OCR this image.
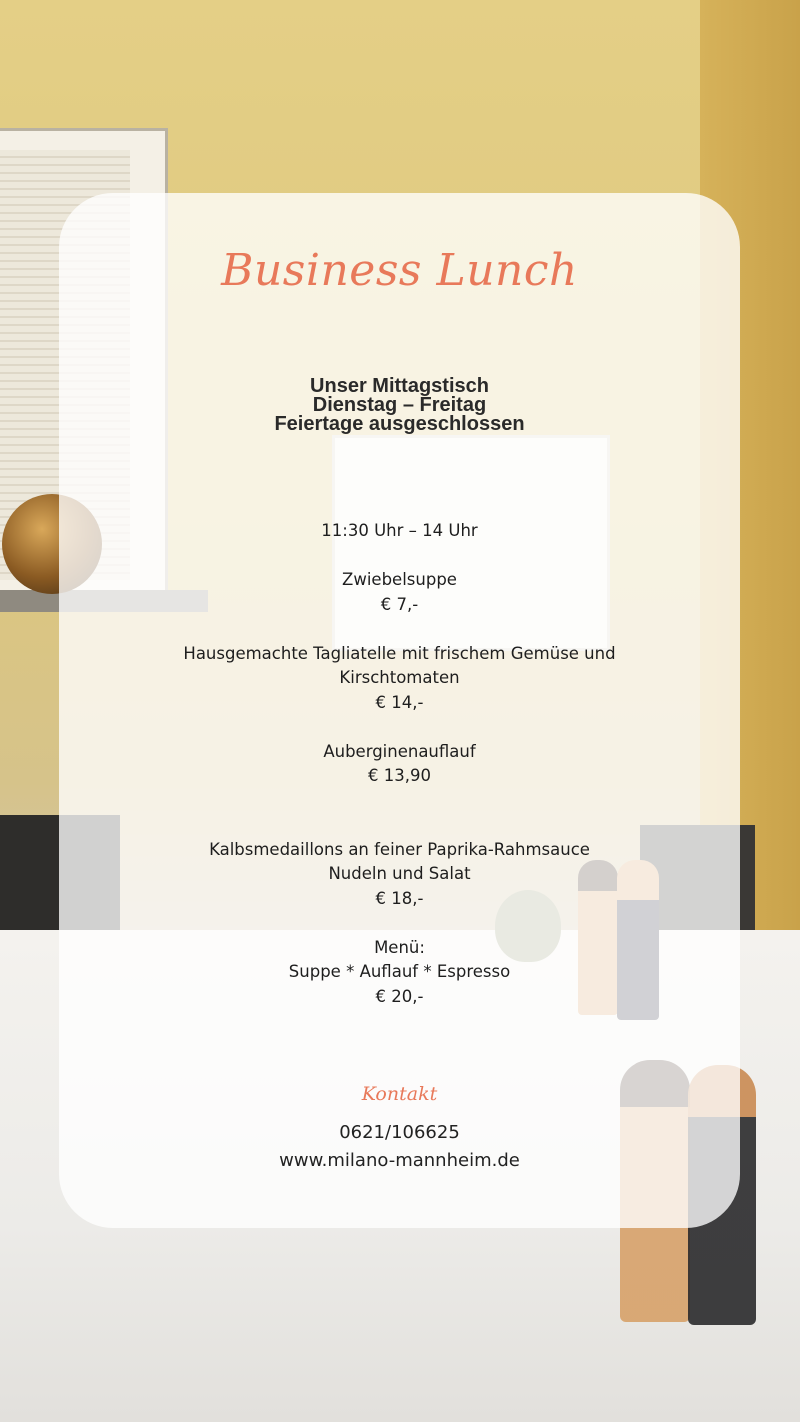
Business Lunch
Unser Mittagstisch
Dienstag – Freitag
Feiertage ausgeschlossen
11:30 Uhr – 14 Uhr
Zwiebelsuppe
€ 7,-
Hausgemachte Tagliatelle mit frischem Gemüse und
Kirschtomaten
€ 14,-
Auberginenauflauf
€ 13,90
Kalbsmedaillons an feiner Paprika-Rahmsauce
Nudeln und Salat
€ 18,-
Menü:
Suppe * Auflauf * Espresso
€ 20,-
Kontakt
0621/106625
www.milano-mannheim.de
